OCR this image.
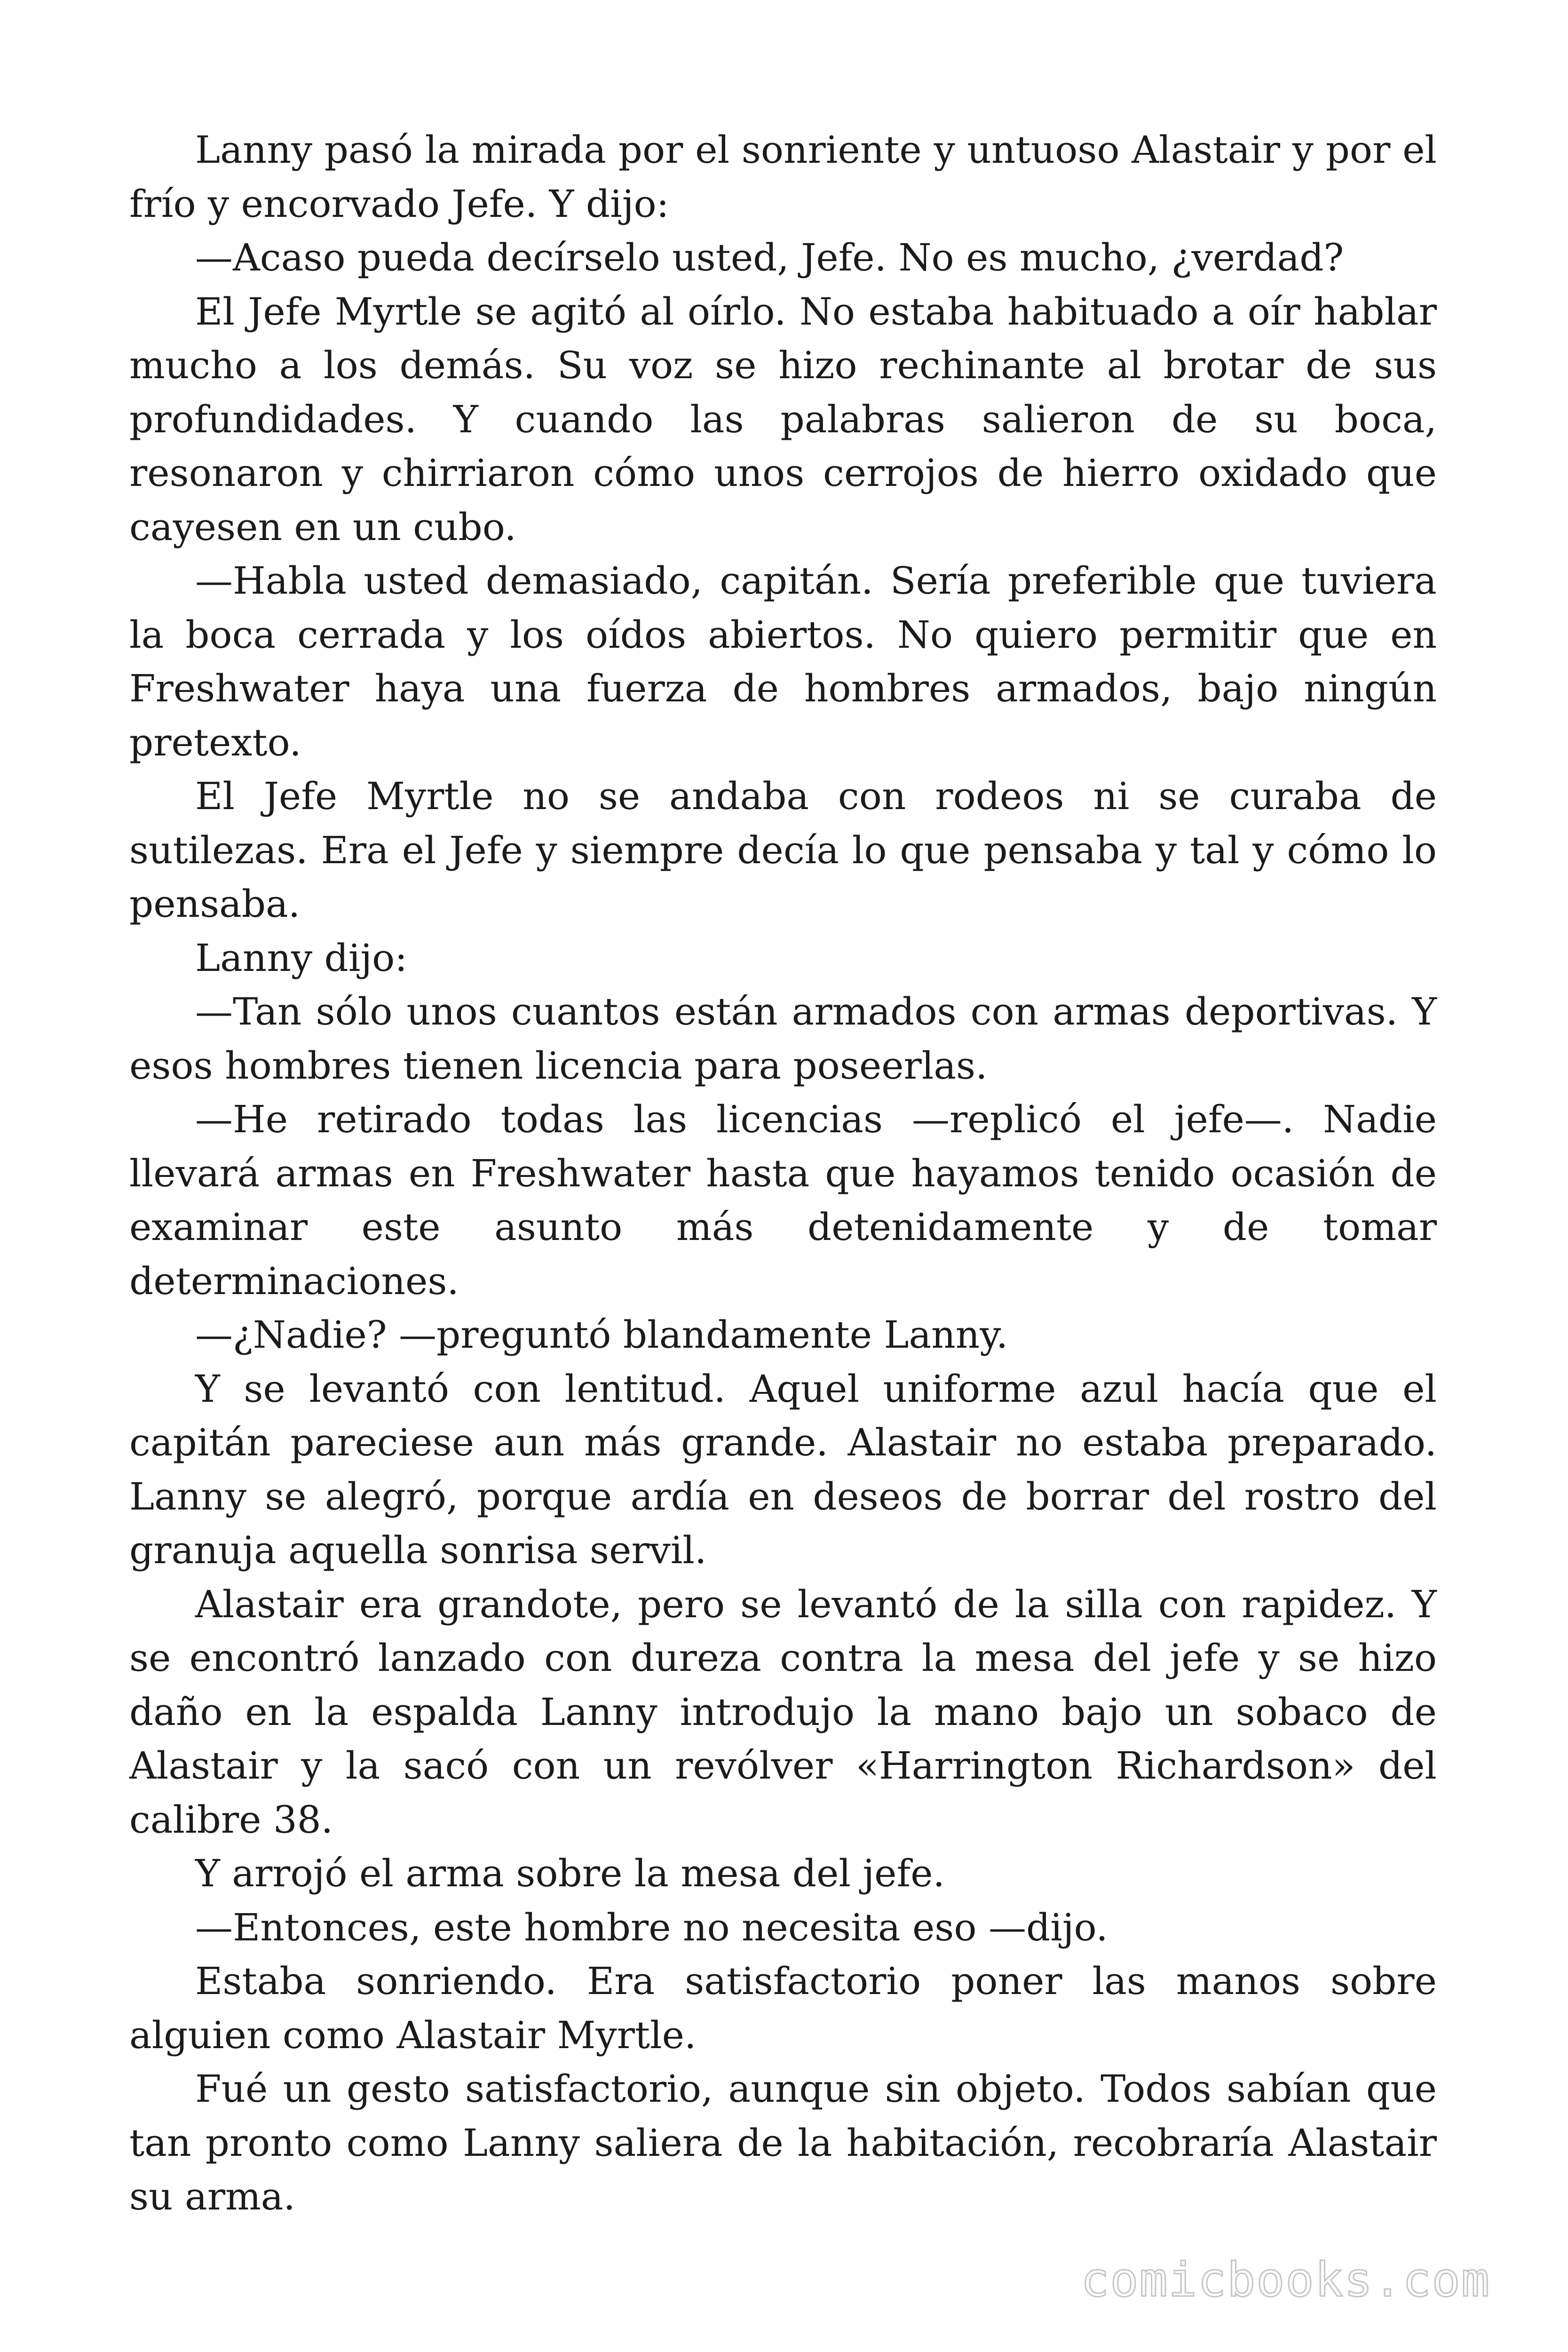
Lanny pasó la mirada por el sonriente y untuoso Alastair y por el frío y encorvado Jefe. Y dijo:

—Acaso pueda decírselo usted, Jefe. No es mucho, ¿verdad?

El Jefe Myrtle se agitó al oírlo. No estaba habituado a oír hablar mucho a los demás. Su voz se hizo rechinante al brotar de sus profundidades. Y cuando las palabras salieron de su boca, resonaron y chirriaron cómo unos cerrojos de hierro oxidado que cayesen en un cubo.

—Habla usted demasiado, capitán. Sería preferible que tuviera la boca cerrada y los oídos abiertos. No quiero permitir que en Freshwater haya una fuerza de hombres armados, bajo ningún pretexto.

El Jefe Myrtle no se andaba con rodeos ni se curaba de sutilezas. Era el Jefe y siempre decía lo que pensaba y tal y cómo lo pensaba.

Lanny dijo:

—Tan sólo unos cuantos están armados con armas deportivas. Y esos hombres tienen licencia para poseerlas.

—He retirado todas las licencias —replicó el jefe—. Nadie llevará armas en Freshwater hasta que hayamos tenido ocasión de examinar este asunto más detenidamente y de tomar determinaciones.

—¿Nadie? —preguntó blandamente Lanny.

Y se levantó con lentitud. Aquel uniforme azul hacía que el capitán pareciese aun más grande. Alastair no estaba preparado. Lanny se alegró, porque ardía en deseos de borrar del rostro del granuja aquella sonrisa servil.

Alastair era grandote, pero se levantó de la silla con rapidez. Y se encontró lanzado con dureza contra la mesa del jefe y se hizo daño en la espalda Lanny introdujo la mano bajo un sobaco de Alastair y la sacó con un revólver «Harrington Richardson» del calibre 38.

Y arrojó el arma sobre la mesa del jefe.

—Entonces, este hombre no necesita eso —dijo.

Estaba sonriendo. Era satisfactorio poner las manos sobre alguien como Alastair Myrtle.

Fué un gesto satisfactorio, aunque sin objeto. Todos sabían que tan pronto como Lanny saliera de la habitación, recobraría Alastair su arma.

comicbooks.com
